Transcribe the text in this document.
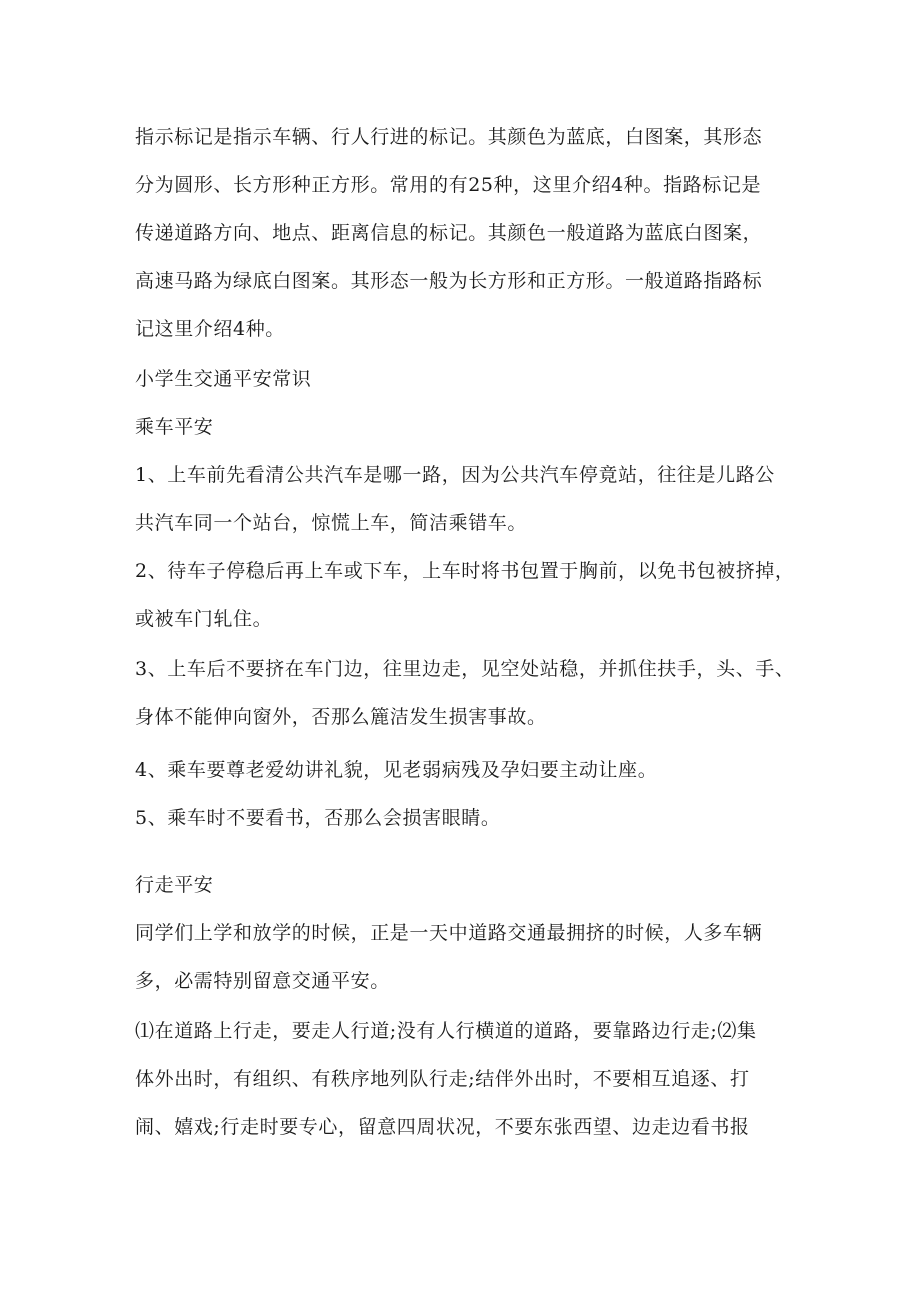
指示标记是指示车辆、行人行进的标记。其颜色为蓝底，白图案，其形态
分为圆形、长方形种正方形。常用的有25种，这里介绍4种。指路标记是
传递道路方向、地点、距离信息的标记。其颜色一般道路为蓝底白图案，
高速马路为绿底白图案。其形态一般为长方形和正方形。一般道路指路标
记这里介绍4种。
小学生交通平安常识
乘车平安
1、上车前先看清公共汽车是哪一路，因为公共汽车停竟站，往往是儿路公
共汽车同一个站台，惊慌上车，简洁乘错车。
2、待车子停稳后再上车或下车，上车时将书包置于胸前，以免书包被挤掉，
或被车门轧住。
3、上车后不要挤在车门边，往里边走，见空处站稳，并抓住扶手，头、手、
身体不能伸向窗外，否那么簏洁发生损害事故。
4、乘车要尊老爱幼讲礼貌，见老弱病残及孕妇要主动让座。
5、乘车时不要看书，否那么会损害眼睛。
行走平安
同学们上学和放学的时候，正是一天中道路交通最拥挤的时候，人多车辆
多，必需特别留意交通平安。
⑴在道路上行走，要走人行道;没有人行横道的道路，要靠路边行走;⑵集
体外出时，有组织、有秩序地列队行走;结伴外出时，不要相互追逐、打
闹、嬉戏;行走时要专心，留意四周状况，不要东张西望、边走边看书报
